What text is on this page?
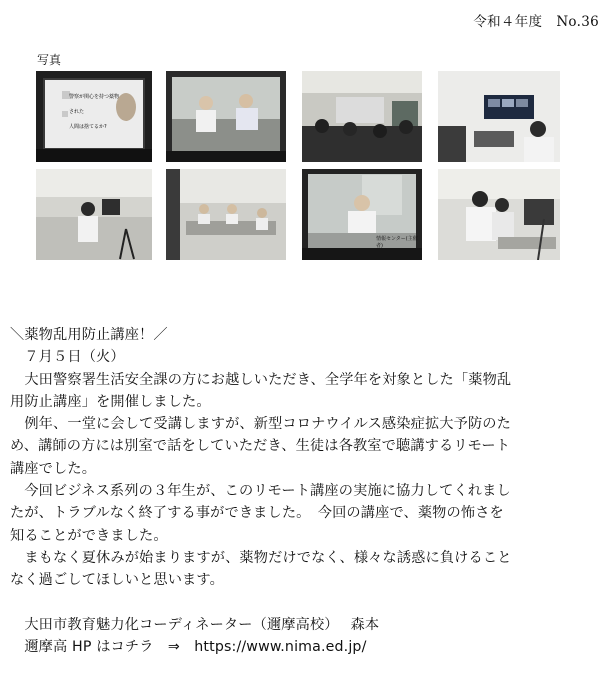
令和４年度 No.36
写真
警察が関心を持つ薬物
された
人間は捨てるか?
情報センター(主催者)

＼薬物乱用防止講座！／

　７月５日（火）

　大田警察署生活安全課の方にお越しいただき、全学年を対象とした「薬物乱

用防止講座」を開催しました。

　例年、一堂に会して受講しますが、新型コロナウイルス感染症拡大予防のた

め、講師の方には別室で話をしていただき、生徒は各教室で聴講するリモート

講座でした。

　今回ビジネス系列の３年生が、このリモート講座の実施に協力してくれまし

たが、トラブルなく終了する事ができました。　今回の講座で、薬物の怖さを

知ることができました。

　まもなく夏休みが始まりますが、薬物だけでなく、様々な誘惑に負けること

なく過ごしてほしいと思います。

　大田市教育魅力化コーディネーター（邇摩高校）　 森本

　邇摩高 HP はコチラ　⇒　https://www.nima.ed.jp/
